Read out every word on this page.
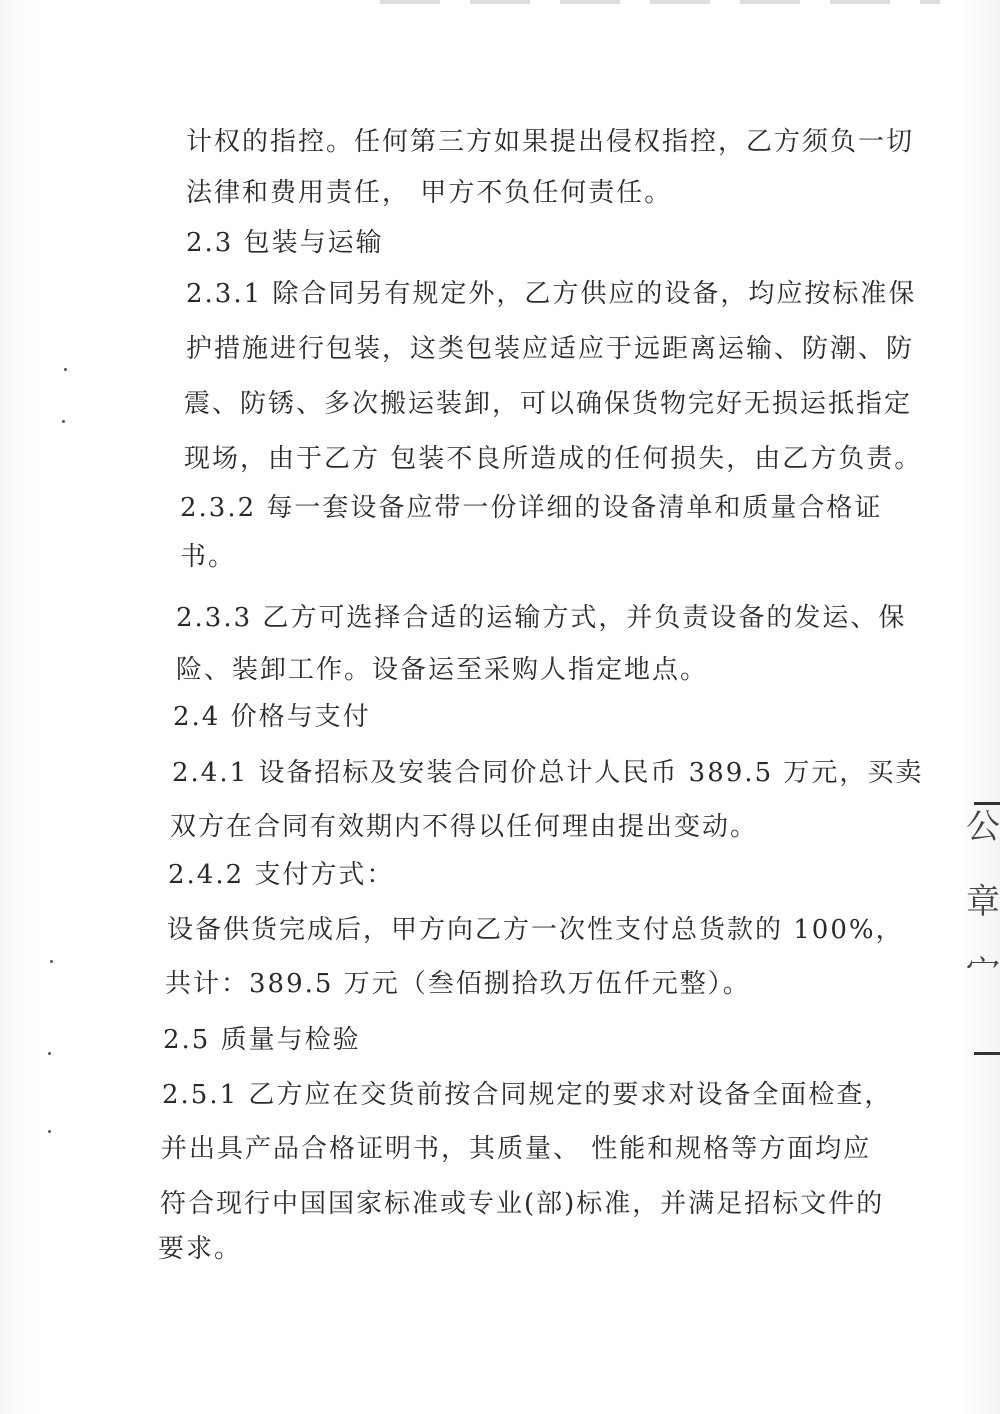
计权的指控。任何第三方如果提出侵权指控，乙方须负一切
法律和费用责任， 甲方不负任何责任。
2.3 包装与运输
2.3.1 除合同另有规定外，乙方供应的设备，均应按标准保
护措施进行包装，这类包装应适应于远距离运输、防潮、防
震、防锈、多次搬运装卸，可以确保货物完好无损运抵指定
现场，由于乙方 包装不良所造成的任何损失，由乙方负责。
2.3.2 每一套设备应带一份详细的设备清单和质量合格证
书。
2.3.3 乙方可选择合适的运输方式，并负责设备的发运、保
险、装卸工作。设备运至采购人指定地点。
2.4 价格与支付
2.4.1 设备招标及安装合同价总计人民币 389.5 万元，买卖
双方在合同有效期内不得以任何理由提出变动。
2.4.2 支付方式：
设备供货完成后，甲方向乙方一次性支付总货款的 100%，
共计：389.5 万元（叁佰捌拾玖万伍仟元整）。
2.5 质量与检验
2.5.1 乙方应在交货前按合同规定的要求对设备全面检查，
并出具产品合格证明书，其质量、 性能和规格等方面均应
符合现行中国国家标准或专业(部)标准，并满足招标文件的
要求。
公
章
宀
